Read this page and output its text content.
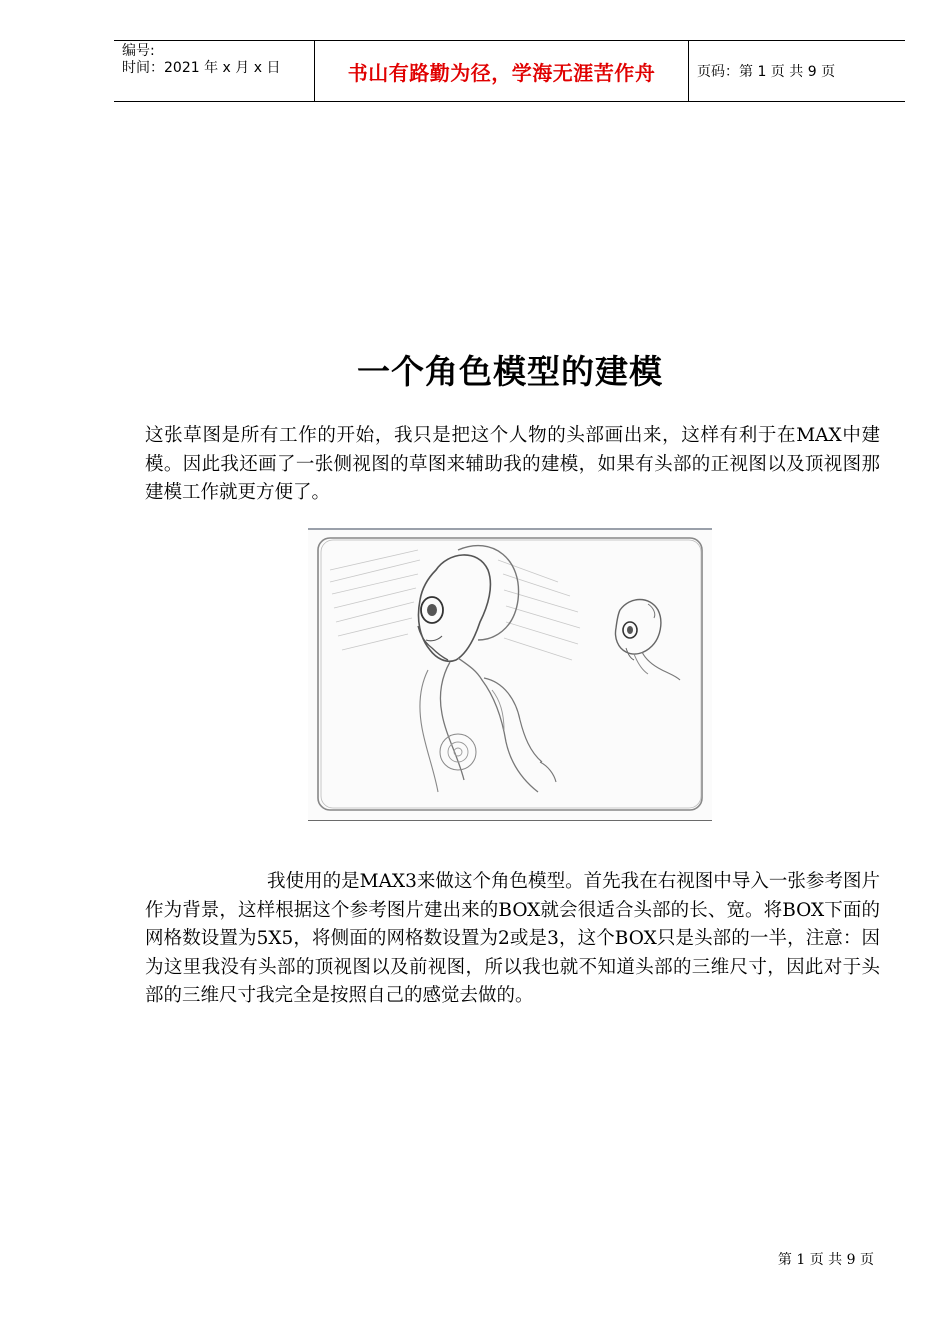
编号:
时间：2021 年 x 月 x 日	书山有路勤为径，学海无涯苦作舟	页码：第 1 页 共 9 页
一个角色模型的建模

这张草图是所有工作的开始，我只是把这个人物的头部画出来，这样有利于在MAX中建模。因此我还画了一张侧视图的草图来辅助我的建模，如果有头部的正视图以及顶视图那建模工作就更方便了。

我使用的是MAX3来做这个角色模型。首先我在右视图中导入一张参考图片作为背景，这样根据这个参考图片建出来的BOX就会很适合头部的长、宽。将BOX下面的网格数设置为5X5，将侧面的网格数设置为2或是3，这个BOX只是头部的一半，注意：因为这里我没有头部的顶视图以及前视图，所以我也就不知道头部的三维尺寸，因此对于头部的三维尺寸我完全是按照自己的感觉去做的。

第 1 页 共 9 页
